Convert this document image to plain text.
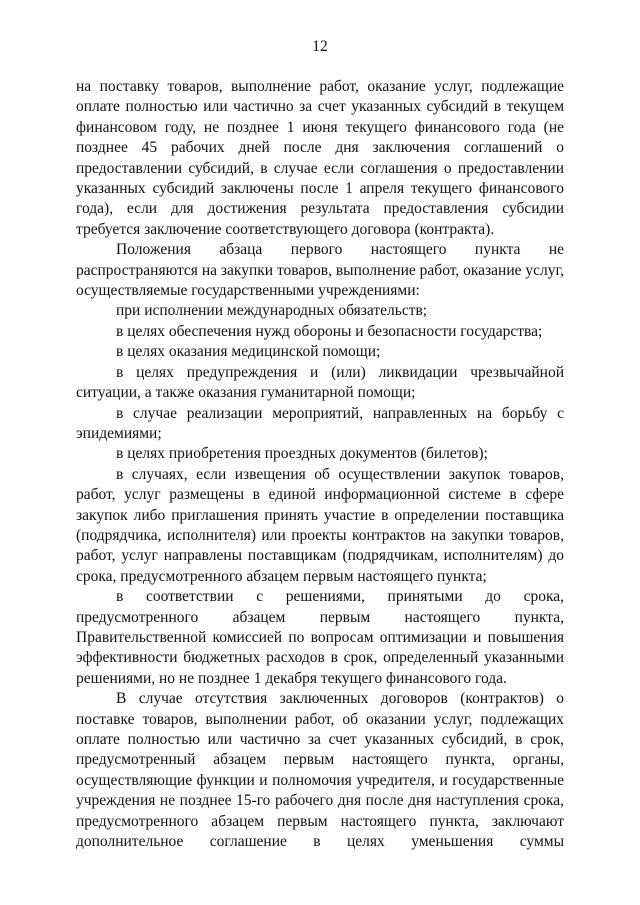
12

на поставку товаров, выполнение работ, оказание услуг, подлежащие оплате полностью или частично за счет указанных субсидий в текущем финансовом году, не позднее 1 июня текущего финансового года (не позднее 45 рабочих дней после дня заключения соглашений о предоставлении субсидий, в случае если соглашения о предоставлении указанных субсидий заключены после 1 апреля текущего финансового года), если для достижения результата предоставления субсидии требуется заключение соответствующего договора (контракта).

Положения абзаца первого настоящего пункта не распространяются на закупки товаров, выполнение работ, оказание услуг, осуществляемые государственными учреждениями:

при исполнении международных обязательств;

в целях обеспечения нужд обороны и безопасности государства;

в целях оказания медицинской помощи;

в целях предупреждения и (или) ликвидации чрезвычайной ситуации, а также оказания гуманитарной помощи;

в случае реализации мероприятий, направленных на борьбу с эпидемиями;

в целях приобретения проездных документов (билетов);

в случаях, если извещения об осуществлении закупок товаров, работ, услуг размещены в единой информационной системе в сфере закупок либо приглашения принять участие в определении поставщика (подрядчика, исполнителя) или проекты контрактов на закупки товаров, работ, услуг направлены поставщикам (подрядчикам, исполнителям) до срока, предусмотренного абзацем первым настоящего пункта;

в соответствии с решениями, принятыми до срока, предусмотренного абзацем первым настоящего пункта, Правительственной комиссией по вопросам оптимизации и повышения эффективности бюджетных расходов в срок, определенный указанными решениями, но не позднее 1 декабря текущего финансового года.

В случае отсутствия заключенных договоров (контрактов) о поставке товаров, выполнении работ, об оказании услуг, подлежащих оплате полностью или частично за счет указанных субсидий, в срок, предусмотренный абзацем первым настоящего пункта, органы, осуществляющие функции и полномочия учредителя, и государственные учреждения не позднее 15-го рабочего дня после дня наступления срока, предусмотренного абзацем первым настоящего пункта, заключают дополнительное соглашение в целях уменьшения суммы
